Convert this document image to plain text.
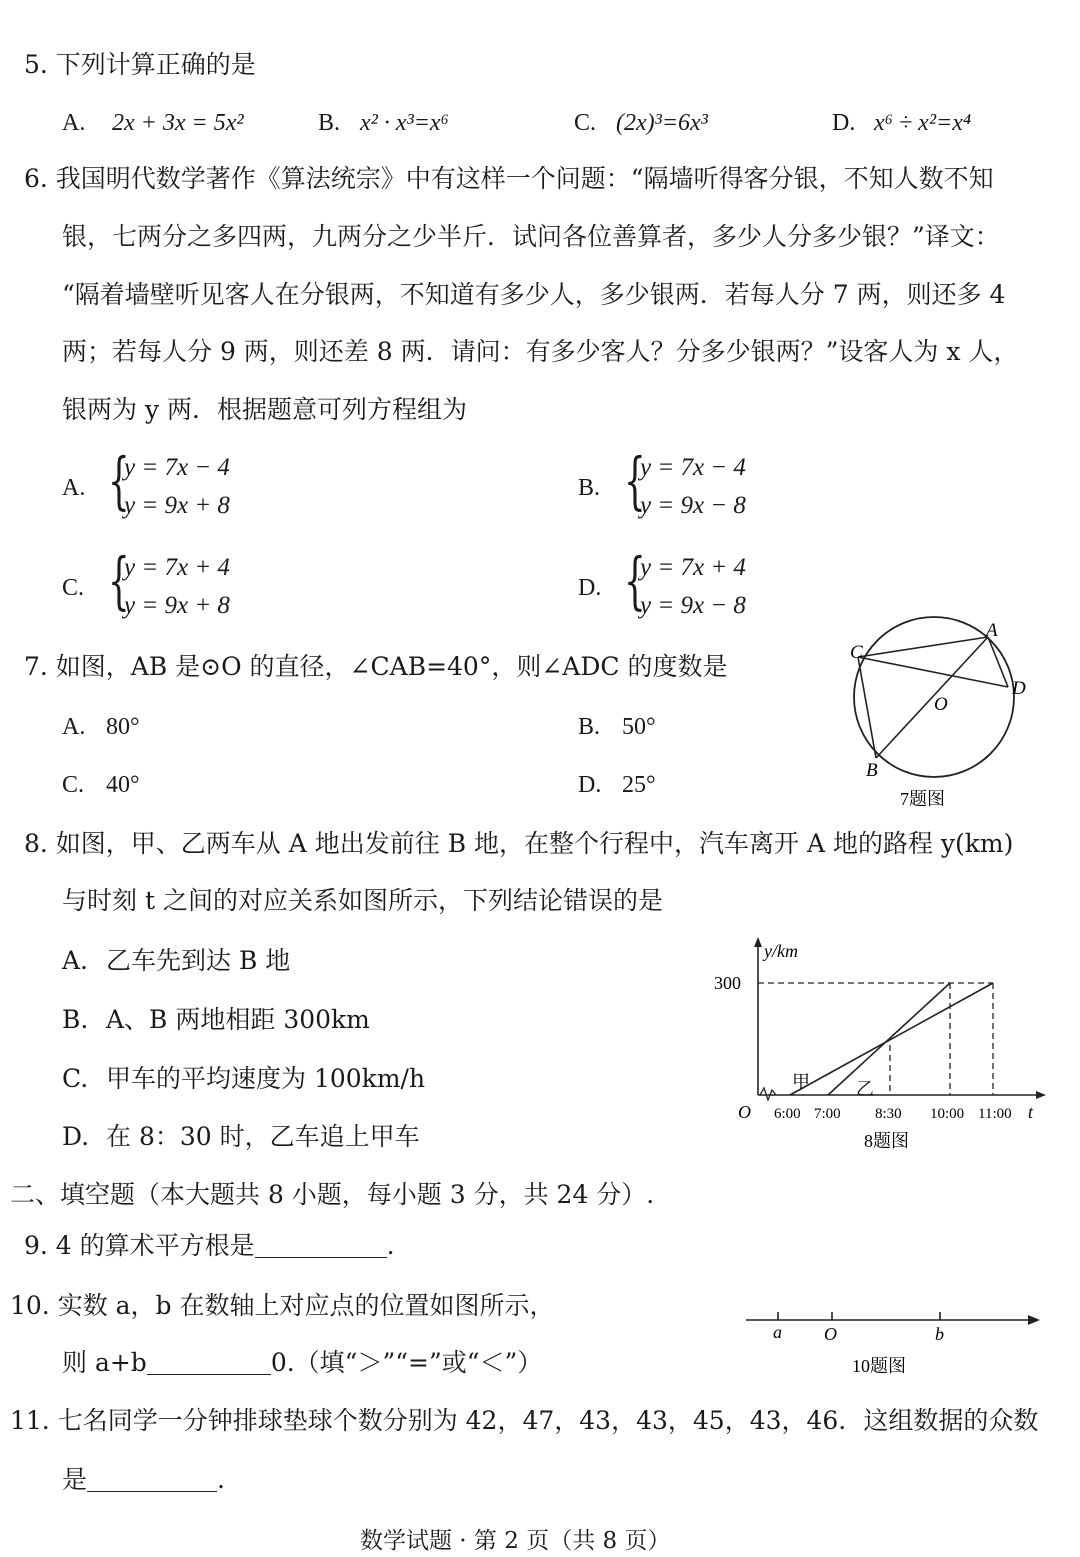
5. 下列计算正确的是
A. 2x + 3x = 5x²	B. x² · x³=x⁶	C. (2x)³=6x³	D. x⁶ ÷ x²=x⁴
6. 我国明代数学著作《算法统宗》中有这样一个问题：“隔墙听得客分银，不知人数不知
银，七两分之多四两，九两分之少半斤．试问各位善算者，多少人分多少银？”译文：
“隔着墙壁听见客人在分银两，不知道有多少人，多少银两．若每人分 7 两，则还多 4
两；若每人分 9 两，则还差 8 两．请问：有多少客人？分多少银两？”设客人为 x 人，
银两为 y 两．根据题意可列方程组为
A. {
y = 7x − 4
y = 9x + 8
B. {
y = 7x − 4
y = 9x − 8
C. {
y = 7x + 4
y = 9x + 8
D. {
y = 7x + 4
y = 9x − 8
7. 如图，AB 是⊙O 的直径，∠CAB=40°，则∠ADC 的度数是
A. 80°	B. 50°
C. 40°	D. 25°
A
B
C
D
O
7题图
8. 如图，甲、乙两车从 A 地出发前往 B 地，在整个行程中，汽车离开 A 地的路程 y(km)
与时刻 t 之间的对应关系如图所示，下列结论错误的是
A. 乙车先到达 B 地
B. A、B 两地相距 300km
C. 甲车的平均速度为 100km/h
D. 在 8：30 时，乙车追上甲车
y/km
300
O 6:00 7:00 8:30 10:00 11:00 t
甲	乙
8题图
二、填空题（本大题共 8 小题，每小题 3 分，共 24 分）.
9. 4 的算术平方根是	.
10. 实数 a，b 在数轴上对应点的位置如图所示，
则 a+b	0.（填“＞”“=”或“＜”）
a O	b
10题图
11. 七名同学一分钟排球垫球个数分别为 42，47，43，43，45，43，46．这组数据的众数
是	.
数学试题 · 第 2 页（共 8 页）
